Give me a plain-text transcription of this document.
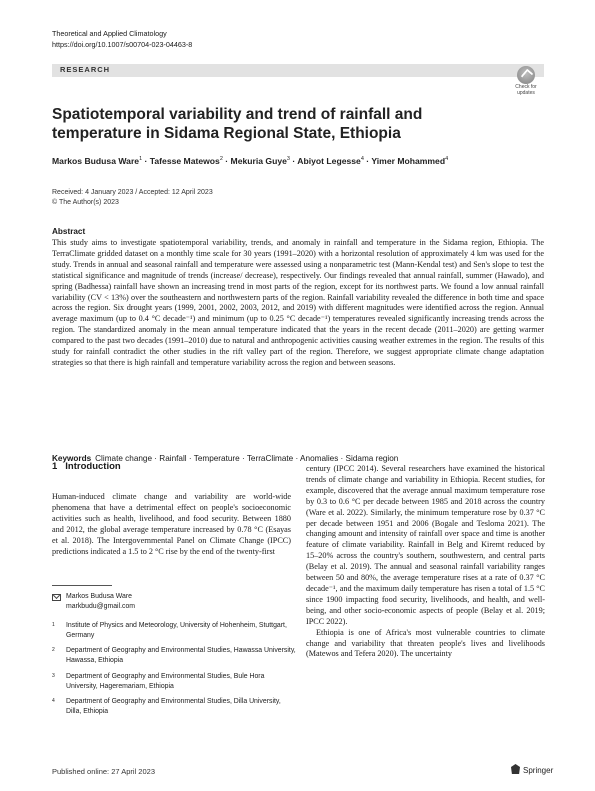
Theoretical and Applied Climatology
https://doi.org/10.1007/s00704-023-04463-8
RESEARCH
Check for
updates
Spatiotemporal variability and trend of rainfall and temperature in Sidama Regional State, Ethiopia
Markos Budusa Ware$^1$ · Tafesse Matewos$^2$ · Mekuria Guye$^3$ · Abiyot Legesse$^4$ · Yimer Mohammed$^4$
Received: 4 January 2023 / Accepted: 12 April 2023
© The Author(s) 2023
Abstract
This study aims to investigate spatiotemporal variability, trends, and anomaly in rainfall and temperature in the Sidama region, Ethiopia. The TerraClimate gridded dataset on a monthly time scale for 30 years (1991–2020) with a horizontal resolution of approximately 4 km was used for the study. Trends in annual and seasonal rainfall and temperature were assessed using a nonparametric test (Mann-Kendal test) and Sen's slope to test the statistical significance and magnitude of trends (increase/ decrease), respectively. Our findings revealed that annual rainfall, summer (Hawado), and spring (Badhessa) rainfall have shown an increasing trend in most parts of the region, except for its northwest parts. We found a low annual rainfall variability (CV < 13%) over the southeastern and northwestern parts of the region. Rainfall variability revealed the difference in both time and space across the region. Six drought years (1999, 2001, 2002, 2003, 2012, and 2019) with different magnitudes were identified across the region. Annual average maximum (up to 0.4 °C decade⁻¹) and minimum (up to 0.25 °C decade⁻¹) temperatures revealed significantly increasing trends across the region. The standardized anomaly in the mean annual temperature indicated that the years in the recent decade (2011–2020) are getting warmer compared to the past two decades (1991–2010) due to natural and anthropogenic activities causing weather extremes in the region. The results of this study for rainfall contradict the other studies in the rift valley part of the region. Therefore, we suggest appropriate climate change adaptation strategies so that there is high rainfall and temperature variability across the region and between seasons.
Keywords Climate change · Rainfall · Temperature · TerraClimate · Anomalies · Sidama region
1 Introduction
Human-induced climate change and variability are world-wide phenomena that have a detrimental effect on people's socioeconomic activities such as health, livelihood, and food security. Between 1880 and 2012, the global average temperature increased by 0.78 °C (Esayas et al. 2018). The Intergovernmental Panel on Climate Change (IPCC) predictions indicated a 1.5 to 2 °C rise by the end of the twenty-first
century (IPCC 2014). Several researchers have examined the historical trends of climate change and variability in Ethiopia. Recent studies, for example, discovered that the average annual maximum temperature rose by 0.3 to 0.6 °C per decade between 1985 and 2018 across the country (Ware et al. 2022). Similarly, the minimum temperature rose by 0.37 °C per decade between 1951 and 2006 (Bogale and Tesloma 2021). The changing amount and intensity of rainfall over space and time is another feature of climate variability. Rainfall in Belg and Kiremt reduced by 15–20% across the country's southern, southwestern, and central parts (Belay et al. 2019). The annual and seasonal rainfall variability ranges between 50 and 80%, the average temperature rises at a rate of 0.37 °C decade⁻¹, and the maximum daily temperature has risen a total of 1.5 °C since 1900 impacting food security, livelihoods, and health, and well-being, and other socio-economic aspects of people (Belay et al. 2019; IPCC 2022).
Ethiopia is one of Africa's most vulnerable countries to climate change and variability that threaten people's lives and livelihoods (Matewos and Tefera 2020). The uncertainty
Markos Budusa Ware
markbudu@gmail.com
1 Institute of Physics and Meteorology, University of Hohenheim, Stuttgart, Germany
2 Department of Geography and Environmental Studies, Hawassa University, Hawassa, Ethiopia
3 Department of Geography and Environmental Studies, Bule Hora University, Hageremariam, Ethiopia
4 Department of Geography and Environmental Studies, Dilla University, Dilla, Ethiopia
Published online: 27 April 2023	Springer
